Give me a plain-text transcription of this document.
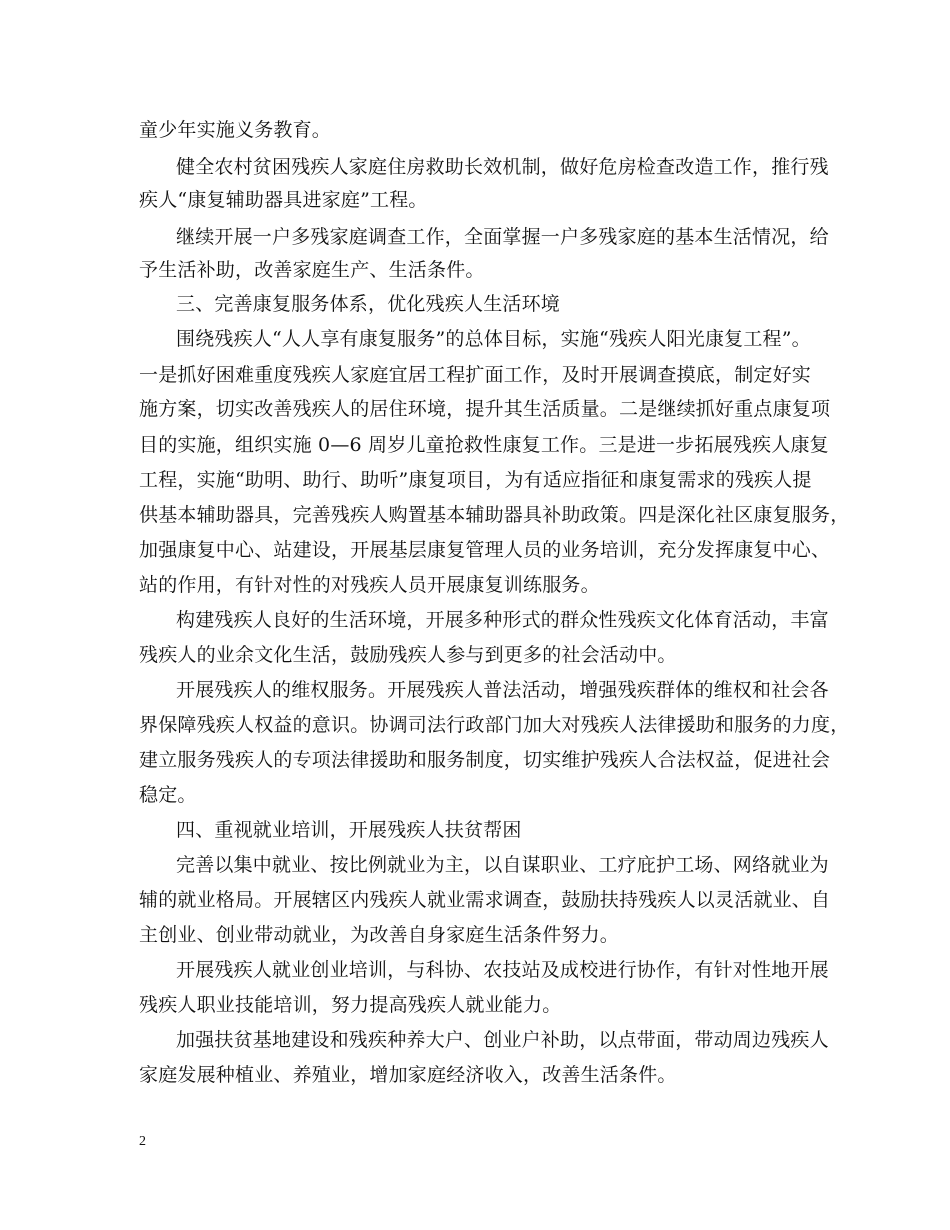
童少年实施义务教育。
健全农村贫困残疾人家庭住房救助长效机制，做好危房检查改造工作，推行残
疾人“康复辅助器具进家庭”工程。
继续开展一户多残家庭调查工作，全面掌握一户多残家庭的基本生活情况，给
予生活补助，改善家庭生产、生活条件。
三、完善康复服务体系，优化残疾人生活环境
围绕残疾人“人人享有康复服务”的总体目标，实施“残疾人阳光康复工程”。
一是抓好困难重度残疾人家庭宜居工程扩面工作，及时开展调查摸底，制定好实
施方案，切实改善残疾人的居住环境，提升其生活质量。二是继续抓好重点康复项
目的实施，组织实施 0—6 周岁儿童抢救性康复工作。三是进一步拓展残疾人康复
工程，实施“助明、助行、助听”康复项目，为有适应指征和康复需求的残疾人提
供基本辅助器具，完善残疾人购置基本辅助器具补助政策。四是深化社区康复服务，
加强康复中心、站建设，开展基层康复管理人员的业务培训，充分发挥康复中心、
站的作用，有针对性的对残疾人员开展康复训练服务。
构建残疾人良好的生活环境，开展多种形式的群众性残疾文化体育活动，丰富
残疾人的业余文化生活，鼓励残疾人参与到更多的社会活动中。
开展残疾人的维权服务。开展残疾人普法活动，增强残疾群体的维权和社会各
界保障残疾人权益的意识。协调司法行政部门加大对残疾人法律援助和服务的力度，
建立服务残疾人的专项法律援助和服务制度，切实维护残疾人合法权益，促进社会
稳定。
四、重视就业培训，开展残疾人扶贫帮困
完善以集中就业、按比例就业为主，以自谋职业、工疗庇护工场、网络就业为
辅的就业格局。开展辖区内残疾人就业需求调查，鼓励扶持残疾人以灵活就业、自
主创业、创业带动就业，为改善自身家庭生活条件努力。
开展残疾人就业创业培训，与科协、农技站及成校进行协作，有针对性地开展
残疾人职业技能培训，努力提高残疾人就业能力。
加强扶贫基地建设和残疾种养大户、创业户补助，以点带面，带动周边残疾人
家庭发展种植业、养殖业，增加家庭经济收入，改善生活条件。
2
